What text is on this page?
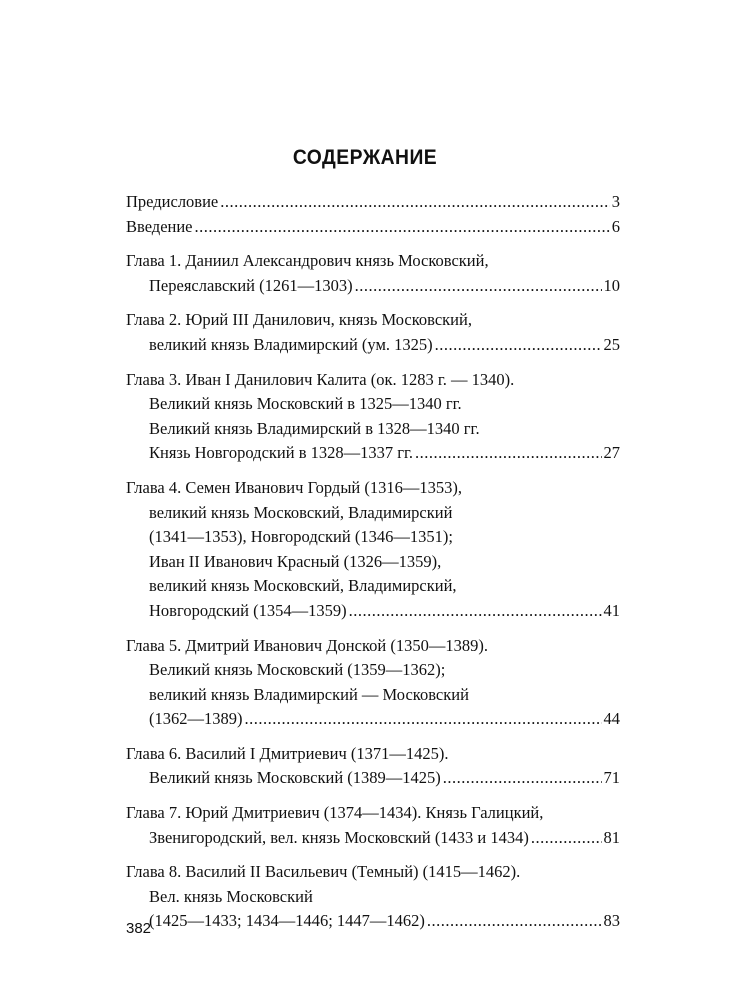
СОДЕРЖАНИЕ
Предисловие .....	3
Введение .....	6
Глава 1. Даниил Александрович князь Московский,
Переяславский (1261—1303) .....	10
Глава 2. Юрий III Данилович, князь Московский,
великий князь Владимирский (ум. 1325) .....	25
Глава 3. Иван I Данилович Калита (ок. 1283 г. — 1340).
Великий князь Московский в 1325—1340 гг.
Великий князь Владимирский в 1328—1340 гг.
Князь Новгородский в 1328—1337 гг. .....	27
Глава 4. Семен Иванович Гордый (1316—1353),
великий князь Московский, Владимирский
(1341—1353), Новгородский (1346—1351);
Иван II Иванович Красный (1326—1359),
великий князь Московский, Владимирский,
Новгородский (1354—1359) .....	41
Глава 5. Дмитрий Иванович Донской (1350—1389).
Великий князь Московский (1359—1362);
великий князь Владимирский — Московский
(1362—1389) .....	44
Глава 6. Василий I Дмитриевич (1371—1425).
Великий князь Московский (1389—1425) .....	71
Глава 7. Юрий Дмитриевич (1374—1434). Князь Галицкий,
Звенигородский, вел. князь Московский (1433 и 1434) .....	81
Глава 8. Василий II Васильевич (Темный) (1415—1462).
Вел. князь Московский
(1425—1433; 1434—1446; 1447—1462) .....	83
382
